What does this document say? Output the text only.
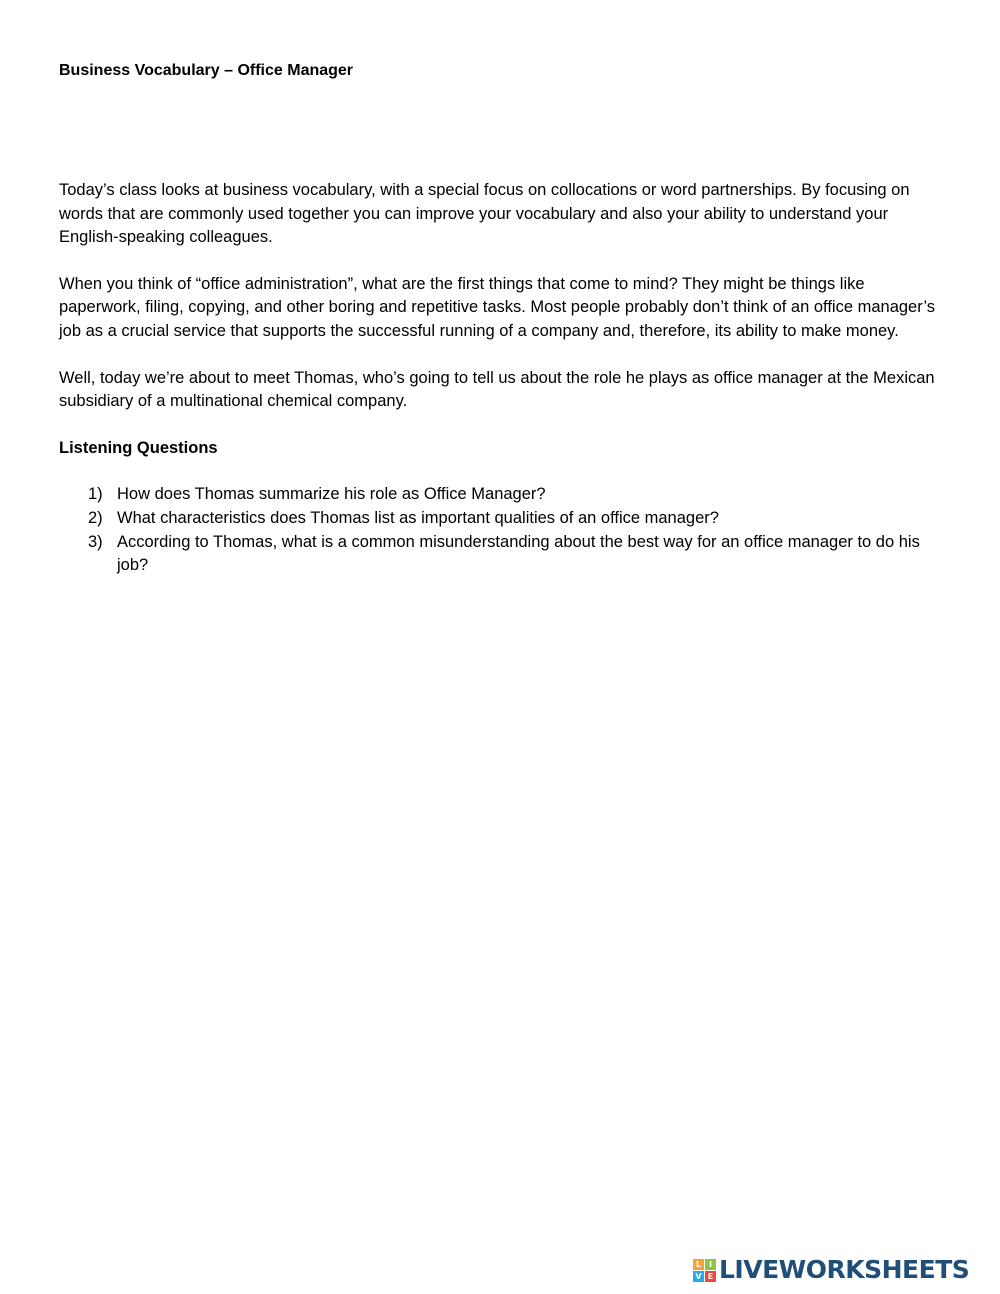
Business Vocabulary – Office Manager

Today’s class looks at business vocabulary, with a special focus on collocations or word partnerships. By focusing on words that are commonly used together you can improve your vocabulary and also your ability to understand your English-speaking colleagues.

When you think of “office administration”, what are the first things that come to mind? They might be things like paperwork, filing, copying, and other boring and repetitive tasks. Most people probably don’t think of an office manager’s job as a crucial service that supports the successful running of a company and, therefore, its ability to make money.

Well, today we’re about to meet Thomas, who’s going to tell us about the role he plays as office manager at the Mexican subsidiary of a multinational chemical company.

Listening Questions
1) How does Thomas summarize his role as Office Manager?
2) What characteristics does Thomas list as important qualities of an office manager?
3) According to Thomas, what is a common misunderstanding about the best way for an office manager to do his job?
L I
V E LIVEWORKSHEETS
